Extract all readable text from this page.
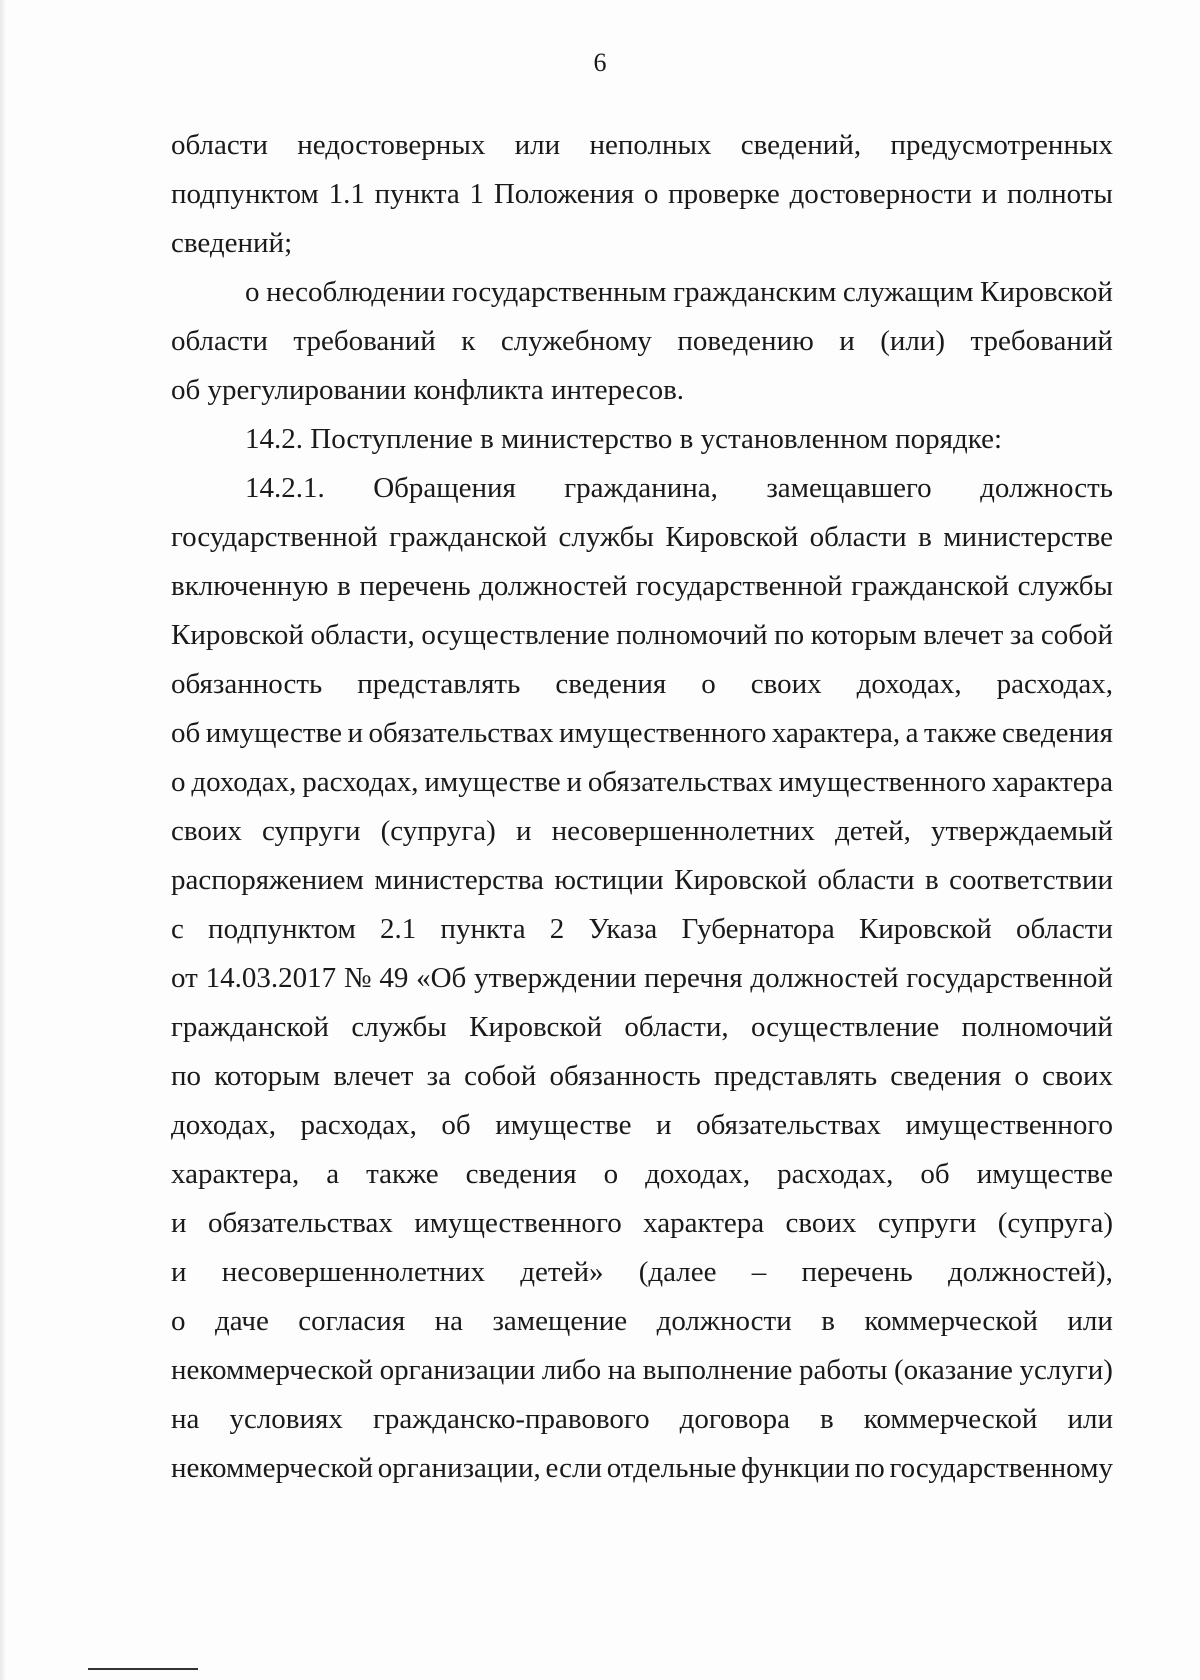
6
области недостоверных или неполных сведений, предусмотренных
подпунктом 1.1 пункта 1 Положения о проверке достоверности и полноты
сведений;
о несоблюдении государственным гражданским служащим Кировской
области требований к служебному поведению и (или) требований
об урегулировании конфликта интересов.
14.2. Поступление в министерство в установленном порядке:
14.2.1. Обращения гражданина, замещавшего должность
государственной гражданской службы Кировской области в министерстве
включенную в перечень должностей государственной гражданской службы
Кировской области, осуществление полномочий по которым влечет за собой
обязанность представлять сведения о своих доходах, расходах,
об имуществе и обязательствах имущественного характера, а также сведения
о доходах, расходах, имуществе и обязательствах имущественного характера
своих супруги (супруга) и несовершеннолетних детей, утверждаемый
распоряжением министерства юстиции Кировской области в соответствии
с подпунктом 2.1 пункта 2 Указа Губернатора Кировской области
от 14.03.2017 № 49 «Об утверждении перечня должностей государственной
гражданской службы Кировской области, осуществление полномочий
по которым влечет за собой обязанность представлять сведения о своих
доходах, расходах, об имуществе и обязательствах имущественного
характера, а также сведения о доходах, расходах, об имуществе
и обязательствах имущественного характера своих супруги (супруга)
и несовершеннолетних детей» (далее – перечень должностей),
о даче согласия на замещение должности в коммерческой или
некоммерческой организации либо на выполнение работы (оказание услуги)
на условиях гражданско-правового договора в коммерческой или
некоммерческой организации, если отдельные функции по государственному
